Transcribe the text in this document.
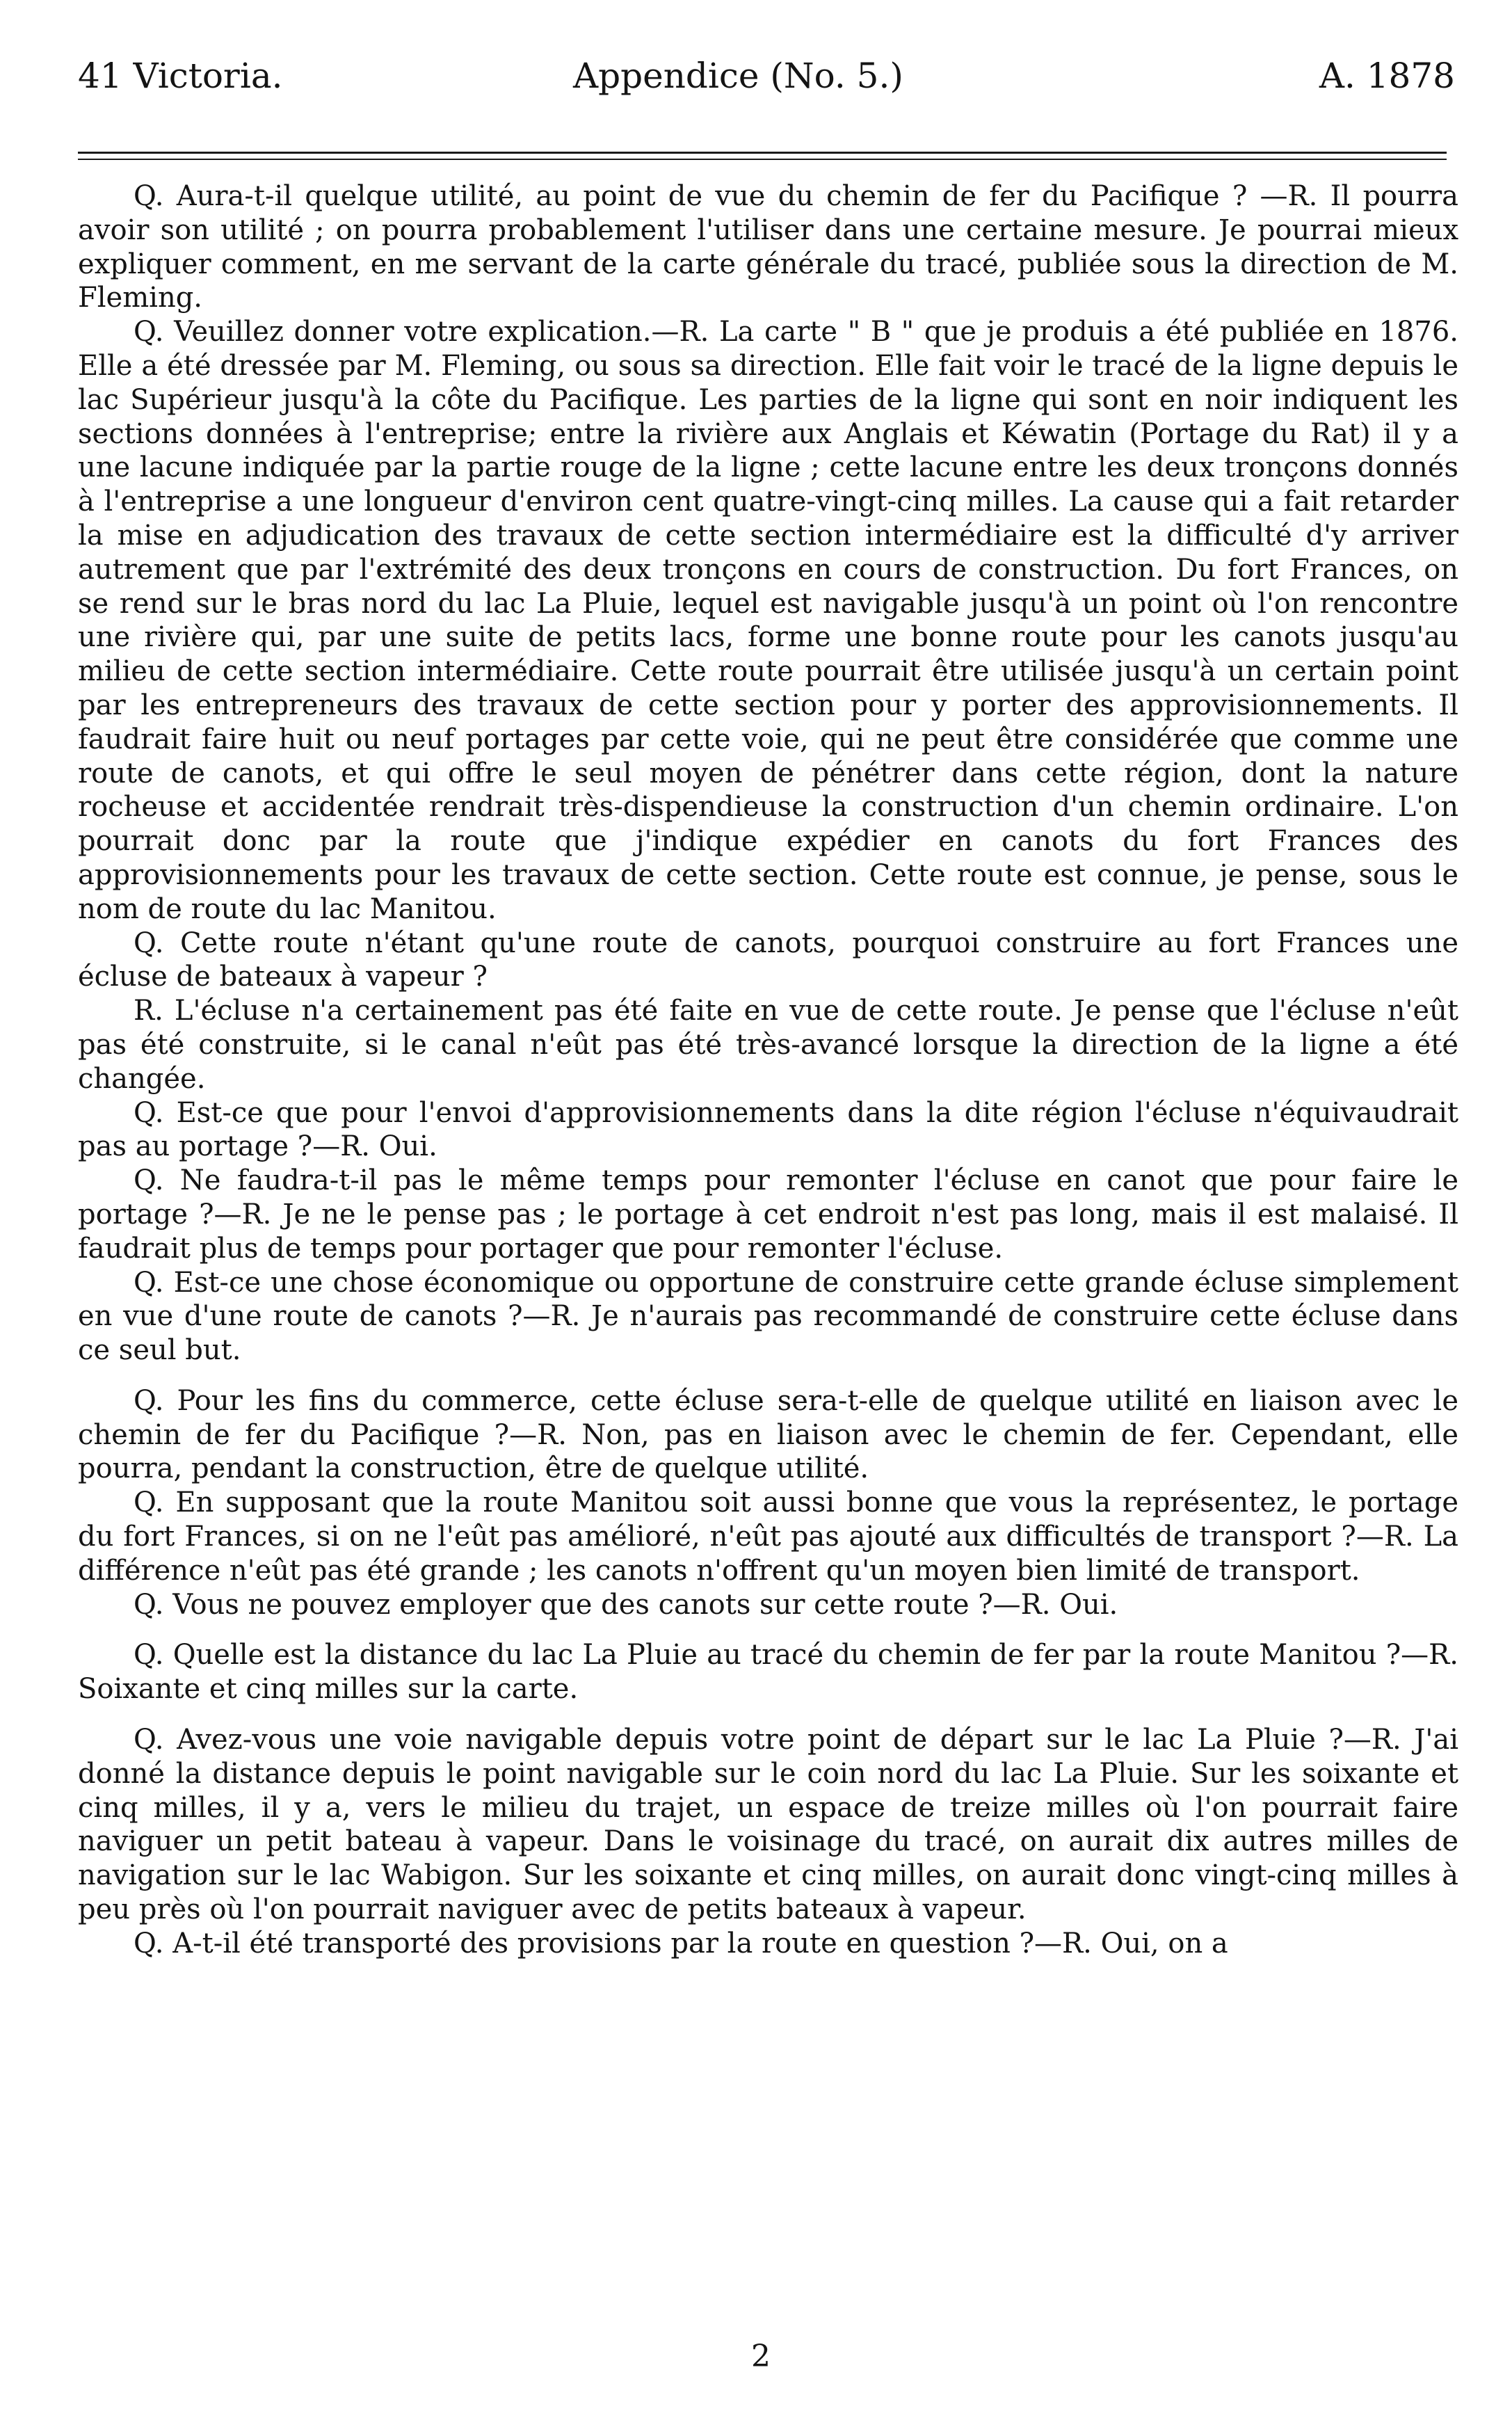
41 Victoria.	Appendice (No. 5.)	A. 1878

Q. Aura-t-il quelque utilité, au point de vue du chemin de fer du Pacifique ? —R. Il pourra avoir son utilité ; on pourra probablement l'utiliser dans une certaine mesure. Je pourrai mieux expliquer comment, en me servant de la carte générale du tracé, publiée sous la direction de M. Fleming.

Q. Veuillez donner votre explication.—R. La carte " B " que je produis a été publiée en 1876. Elle a été dressée par M. Fleming, ou sous sa direction. Elle fait voir le tracé de la ligne depuis le lac Supérieur jusqu'à la côte du Pacifique. Les parties de la ligne qui sont en noir indiquent les sections données à l'entreprise; entre la rivière aux Anglais et Kéwatin (Portage du Rat) il y a une lacune indiquée par la partie rouge de la ligne ; cette lacune entre les deux tronçons donnés à l'entreprise a une longueur d'environ cent quatre-vingt-cinq milles. La cause qui a fait retarder la mise en adjudication des travaux de cette section intermédiaire est la difficulté d'y arriver autrement que par l'extrémité des deux tronçons en cours de construction. Du fort Frances, on se rend sur le bras nord du lac La Pluie, lequel est navigable jusqu'à un point où l'on rencontre une rivière qui, par une suite de petits lacs, forme une bonne route pour les canots jusqu'au milieu de cette section intermédiaire. Cette route pourrait être utilisée jusqu'à un certain point par les entrepreneurs des travaux de cette section pour y porter des approvisionnements. Il faudrait faire huit ou neuf portages par cette voie, qui ne peut être considérée que comme une route de canots, et qui offre le seul moyen de pénétrer dans cette région, dont la nature rocheuse et accidentée rendrait très-dispendieuse la construction d'un chemin ordinaire. L'on pourrait donc par la route que j'indique expédier en canots du fort Frances des approvisionnements pour les travaux de cette section. Cette route est connue, je pense, sous le nom de route du lac Manitou.

Q. Cette route n'étant qu'une route de canots, pourquoi construire au fort Frances une écluse de bateaux à vapeur ?

R. L'écluse n'a certainement pas été faite en vue de cette route. Je pense que l'écluse n'eût pas été construite, si le canal n'eût pas été très-avancé lorsque la direction de la ligne a été changée.

Q. Est-ce que pour l'envoi d'approvisionnements dans la dite région l'écluse n'équivaudrait pas au portage ?—R. Oui.

Q. Ne faudra-t-il pas le même temps pour remonter l'écluse en canot que pour faire le portage ?—R. Je ne le pense pas ; le portage à cet endroit n'est pas long, mais il est malaisé. Il faudrait plus de temps pour portager que pour remonter l'écluse.

Q. Est-ce une chose économique ou opportune de construire cette grande écluse simplement en vue d'une route de canots ?—R. Je n'aurais pas recommandé de construire cette écluse dans ce seul but.

Q. Pour les fins du commerce, cette écluse sera-t-elle de quelque utilité en liaison avec le chemin de fer du Pacifique ?—R. Non, pas en liaison avec le chemin de fer. Cependant, elle pourra, pendant la construction, être de quelque utilité.

Q. En supposant que la route Manitou soit aussi bonne que vous la représentez, le portage du fort Frances, si on ne l'eût pas amélioré, n'eût pas ajouté aux difficultés de transport ?—R. La différence n'eût pas été grande ; les canots n'offrent qu'un moyen bien limité de transport.

Q. Vous ne pouvez employer que des canots sur cette route ?—R. Oui.

Q. Quelle est la distance du lac La Pluie au tracé du chemin de fer par la route Manitou ?—R. Soixante et cinq milles sur la carte.

Q. Avez-vous une voie navigable depuis votre point de départ sur le lac La Pluie ?—R. J'ai donné la distance depuis le point navigable sur le coin nord du lac La Pluie. Sur les soixante et cinq milles, il y a, vers le milieu du trajet, un espace de treize milles où l'on pourrait faire naviguer un petit bateau à vapeur. Dans le voisinage du tracé, on aurait dix autres milles de navigation sur le lac Wabigon. Sur les soixante et cinq milles, on aurait donc vingt-cinq milles à peu près où l'on pourrait naviguer avec de petits bateaux à vapeur.

Q. A-t-il été transporté des provisions par la route en question ?—R. Oui, on a

2
